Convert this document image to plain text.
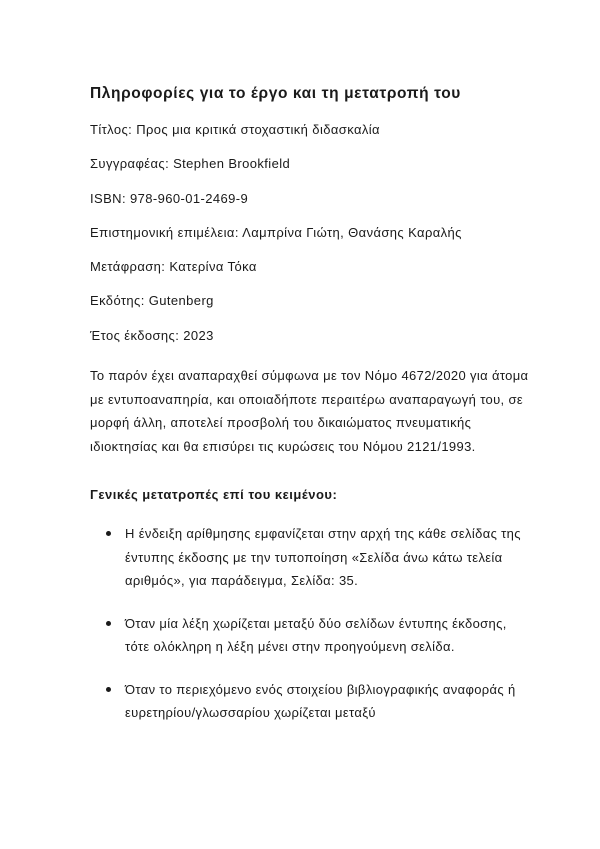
Πληροφορίες για το έργο και τη μετατροπή του
Τίτλος : Προς μια κριτικά στοχαστική διδασκαλία
Συγγραφέας : Stephen Brookfield
ISBN : 978-960-01-2469-9
Επιστημονική επιμέλεια : Λαμπρίνα Γιώτη, Θανάσης Καραλής
Μετάφραση : Κατερίνα Τόκα
Εκδότης : Gutenberg
Έτος έκδοσης : 2023

Το παρόν έχει αναπαραχθεί σύμφωνα με τον Νόμο 4672/2020 για άτομα με εντυποαναπηρία, και οποιαδήποτε περαιτέρω αναπαραγωγή του, σε μορφή άλλη, αποτελεί προσβολή του δικαιώματος πνευματικής ιδιοκτησίας και θα επισύρει τις κυρώσεις του Νόμου 2121/1993.

Γενικές μετατροπές επί του κειμένου:
Η ένδειξη αρίθμησης εμφανίζεται στην αρχή της κάθε σελίδας της έντυπης έκδοσης με την τυποποίηση «Σελίδα άνω κάτω τελεία αριθμός», για παράδειγμα, Σελίδα: 35.
Όταν μία λέξη χωρίζεται μεταξύ δύο σελίδων έντυπης έκδοσης, τότε ολόκληρη η λέξη μένει στην προηγούμενη σελίδα.
Όταν το περιεχόμενο ενός στοιχείου βιβλιογραφικής αναφοράς ή ευρετηρίου/γλωσσαρίου χωρίζεται μεταξύ
